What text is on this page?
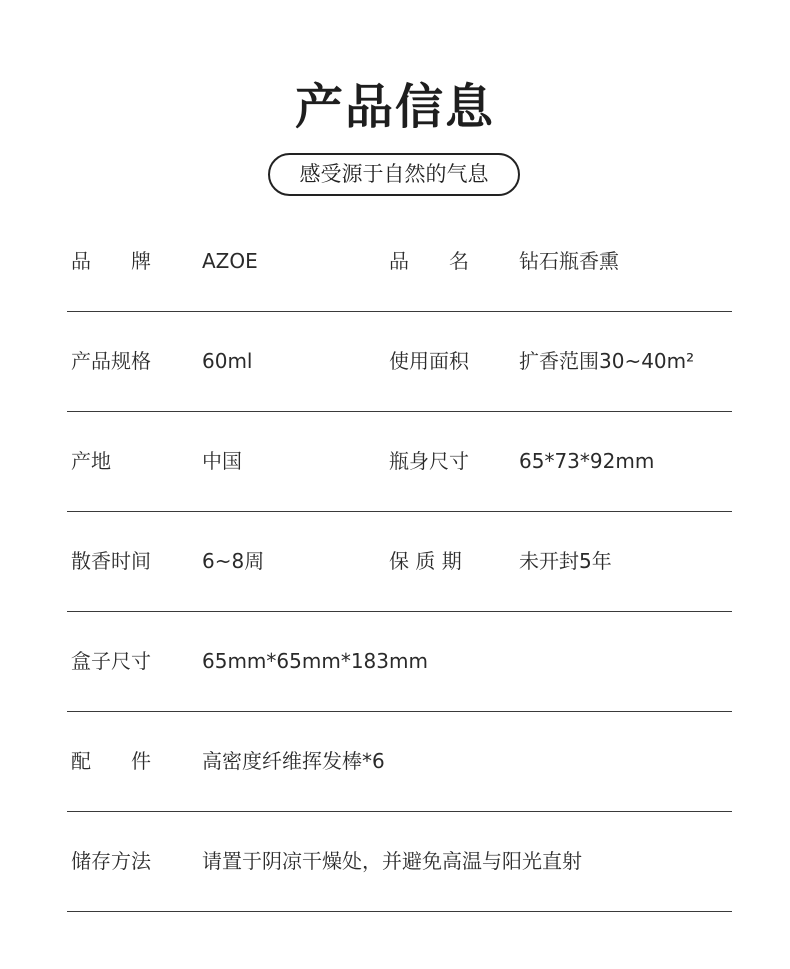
产品信息
感受源于自然的气息
品　　牌	AZOE	品　　名	钻石瓶香熏
产品规格	60ml	使用面积	扩香范围30~40m²
产地	中国	瓶身尺寸	65*73*92mm
散香时间	6~8周	保 质 期	未开封5年
盒子尺寸	65mm*65mm*183mm
配　　件	高密度纤维挥发棒*6
储存方法	请置于阴凉干燥处，并避免高温与阳光直射
